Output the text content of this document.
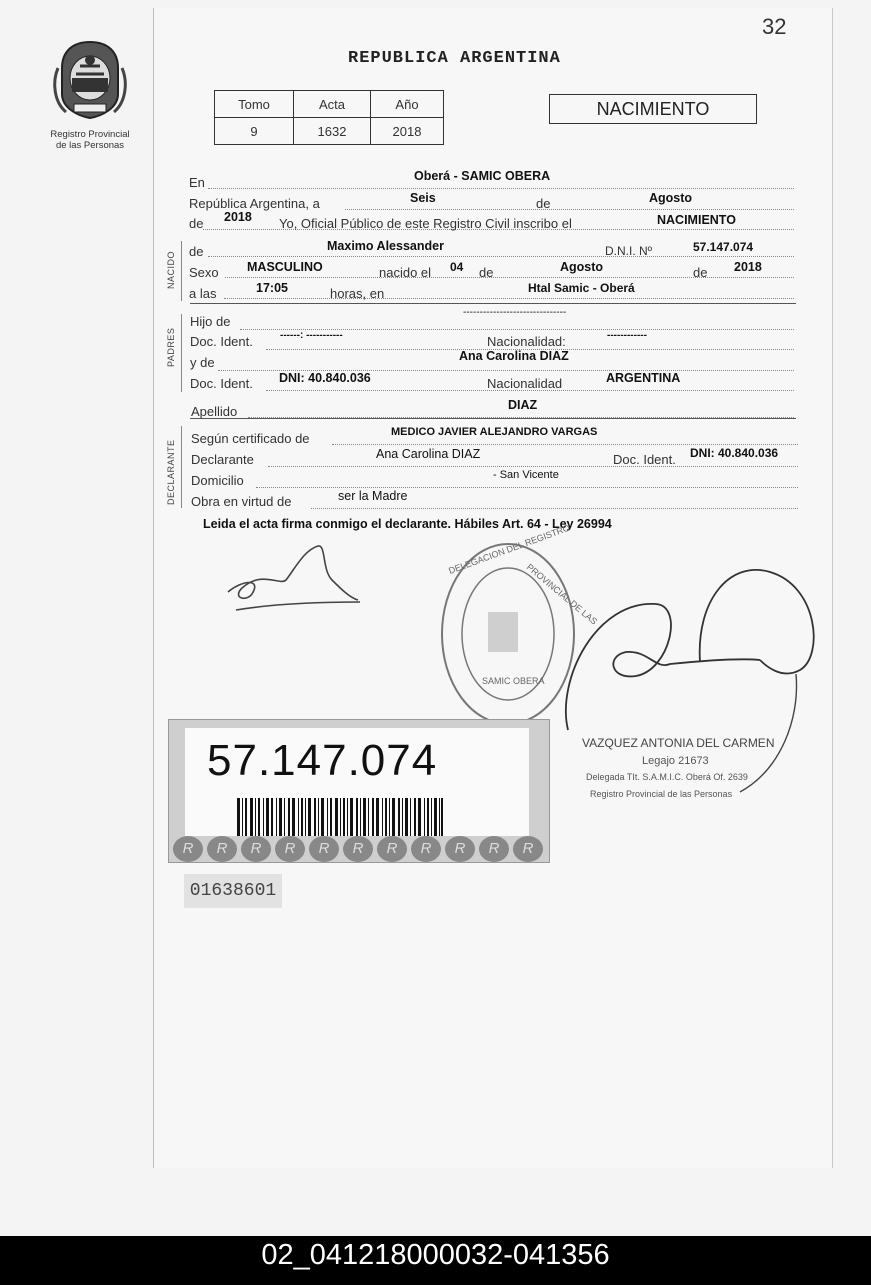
32
Registro Provincial
de las Personas
REPUBLICA ARGENTINA
Tomo	Acta	Año
9	1632	2018
NACIMIENTO
NACIDO
PADRES
DECLARANTE
En	Oberá - SAMIC OBERA
República Argentina, a	Seis	de	Agosto
de 2018 Yo, Oficial Público de este Registro Civil inscribo el	NACIMIENTO
de	Maximo Alessander	D.N.I. Nº	57.147.074
Sexo MASCULINO	nacido el 04 de	Agosto	de 2018
a las	17:05	horas, en	Htal Samic - Oberá
Hijo de
-------------------------------
Doc. Ident.	------: -----------	Nacionalidad:	------------
y de	Ana Carolina DIAZ
Doc. Ident. DNI: 40.840.036	Nacionalidad	ARGENTINA
Apellido	DIAZ
Según certificado de	MEDICO JAVIER ALEJANDRO VARGAS
Declarante	Ana Carolina DIAZ	Doc. Ident. DNI: 40.840.036
Domicilio	- San Vicente
Obra en virtud de	ser la Madre
Leida el acta firma conmigo el declarante. Hábiles Art. 64 - Ley 26994
DELEGACION DEL REGISTRO
PROVINCIAL DE LAS
SAMIC OBERA
VAZQUEZ ANTONIA DEL CARMEN
Legajo 21673
Delegada TIt. S.A.M.I.C. Oberá Of. 2639
Registro Provincial de las Personas
57.147.074
R	R	R	R	R	R	R	R	R	R	R
01638601
02_041218000032-041356
